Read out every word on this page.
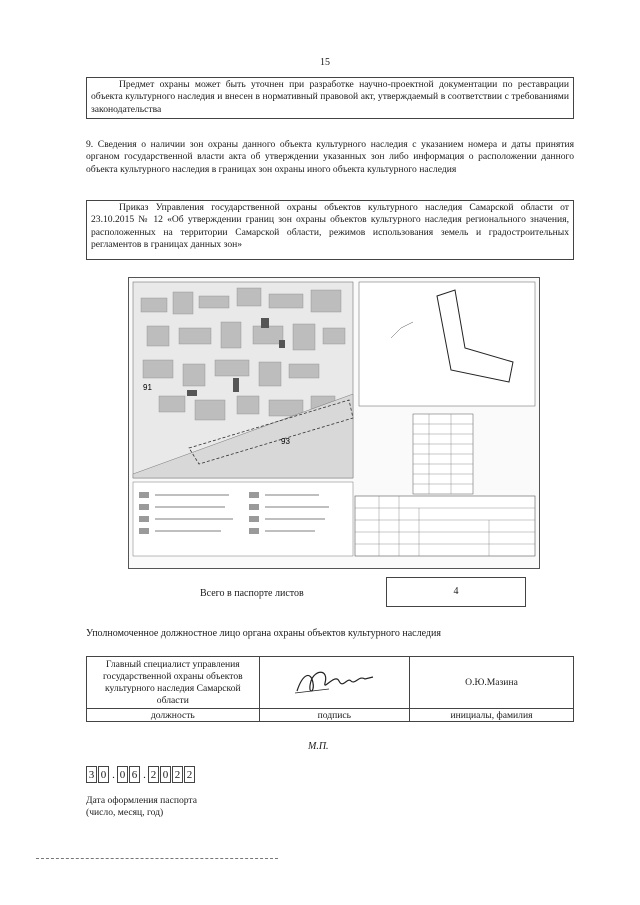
15
Предмет охраны может быть уточнен при разработке научно-проектной документации по реставрации объекта культурного наследия и внесен в нормативный правовой акт, утверждаемый в соответствии с требованиями законодательства
9. Сведения о наличии зон охраны данного объекта культурного наследия с указанием номера и даты принятия органом государственной власти акта об утверждении указанных зон либо информация о расположении данного объекта культурного наследия в границах зон охраны иного объекта культурного наследия
Приказ Управления государственной охраны объектов культурного наследия Самарской области от 23.10.2015 № 12 «Об утверждении границ зон охраны объектов культурного наследия регионального значения, расположенных на территории Самарской области, режимов использования земель и градостроительных регламентов в границах данных зон»
91
93
Всего в паспорте листов	4
Уполномоченное должностное лицо органа охраны объектов культурного наследия
Главный специалист управления государственной охраны объектов культурного наследия Самарской области		О.Ю.Мазина
должность	подпись	инициалы, фамилия
М.П.
3 0 . 0 6 . 2 0 2 2
Дата оформления паспорта
(число, месяц, год)
